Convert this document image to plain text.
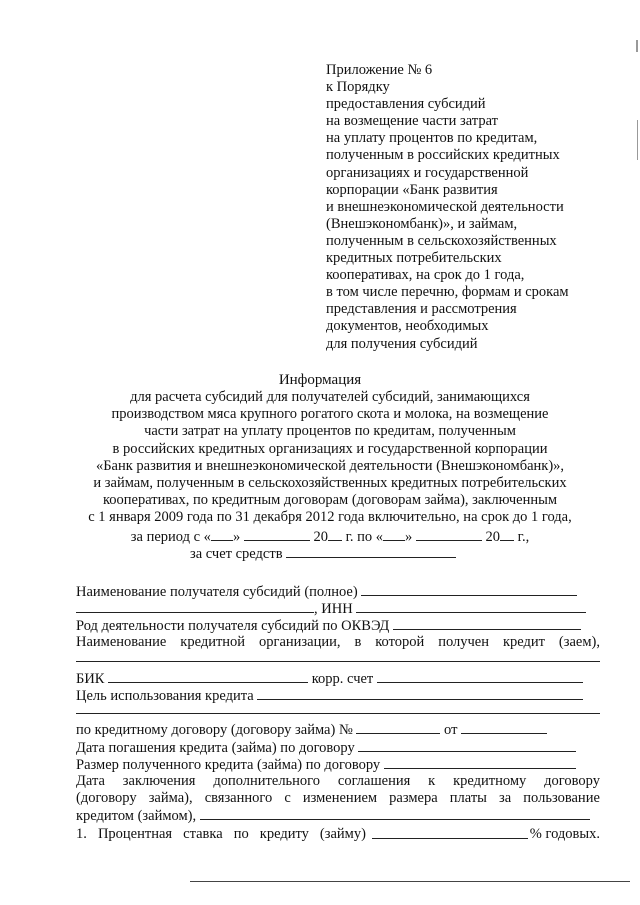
Приложение № 6
к Порядку
предоставления субсидий
на возмещение части затрат
на уплату процентов по кредитам,
полученным в российских кредитных
организациях и государственной
корпорации «Банк развития
и внешнеэкономической деятельности
(Внешэкономбанк)», и займам,
полученным в сельскохозяйственных
кредитных потребительских
кооперативах, на срок до 1 года,
в том числе перечню, формам и срокам
представления и рассмотрения
документов, необходимых
для получения субсидий
Информация
для расчета субсидий для получателей субсидий, занимающихся
производством мяса крупного рогатого скота и молока, на возмещение
части затрат на уплату процентов по кредитам, полученным
в российских кредитных организациях и государственной корпорации
«Банк развития и внешнеэкономической деятельности (Внешэкономбанк)»,
и займам, полученным в сельскохозяйственных кредитных потребительских
кооперативах, по кредитным договорам (договорам займа), заключенным
с 1 января 2009 года по 31 декабря 2012 года включительно, на срок до 1 года,
за период с « »	20 г. по « »	20 г.,
за счет средств
Наименование получателя субсидий (полное)
, ИНН
Род деятельности получателя субсидий по ОКВЭД
Наименование кредитной организации, в которой получен кредит (заем),
БИК	корр. счет
Цель использования кредита
по кредитному договору (договору займа) №	от
Дата погашения кредита (займа) по договору
Размер полученного кредита (займа) по договору
Дата заключения дополнительного соглашения к кредитному договору
(договору займа), связанного с изменением размера платы за пользование
кредитом (займом),
1. Процентная ставка по кредиту (займу)	% годовых.
